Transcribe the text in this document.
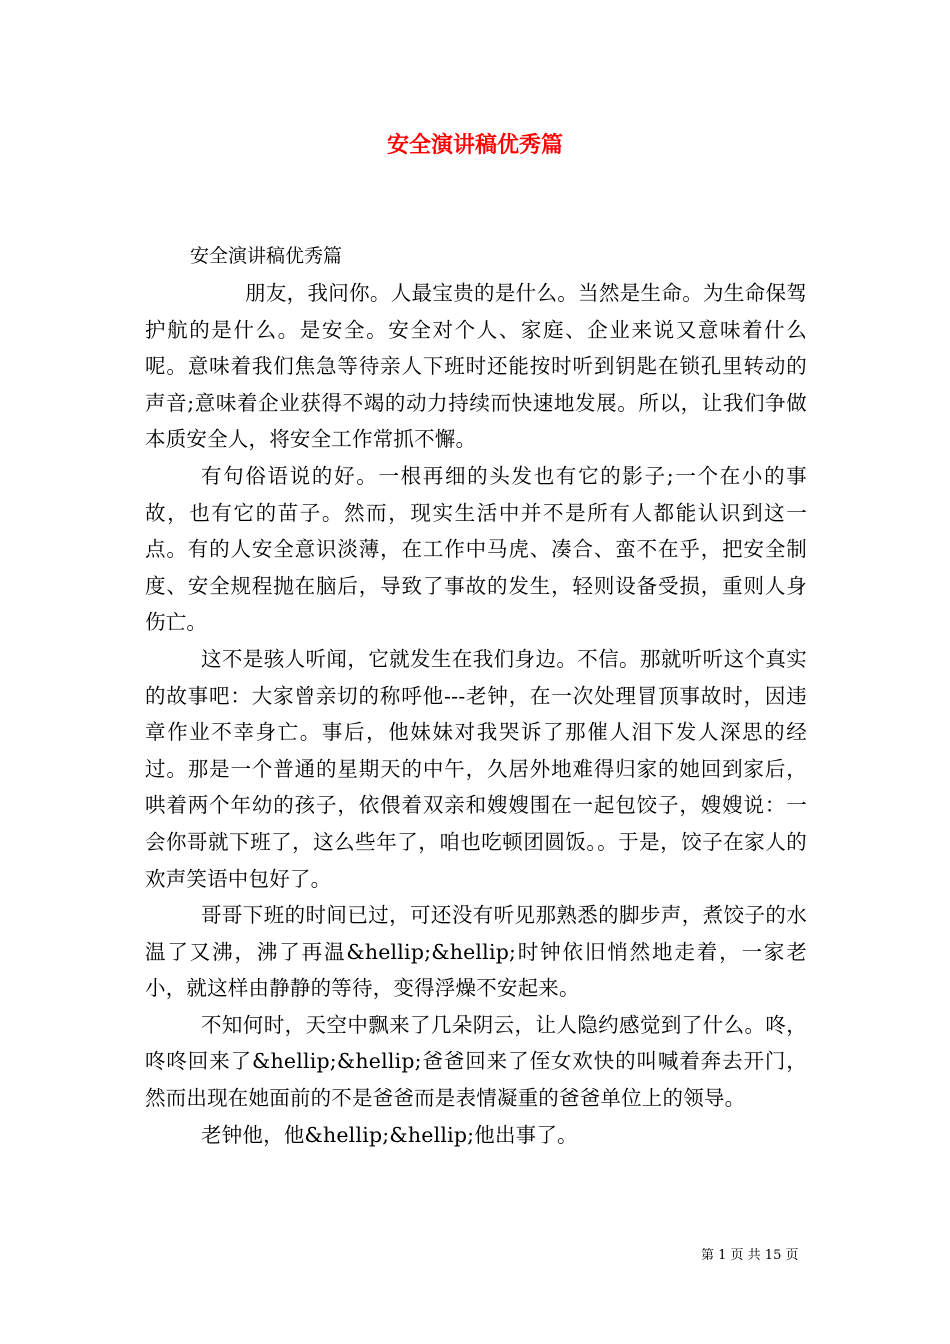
安全演讲稿优秀篇

安全演讲稿优秀篇

朋友，我问你。人最宝贵的是什么。当然是生命。为生命保驾护航的是什么。是安全。安全对个人、家庭、企业来说又意味着什么呢。意味着我们焦急等待亲人下班时还能按时听到钥匙在锁孔里转动的声音;意味着企业获得不竭的动力持续而快速地发展。所以，让我们争做本质安全人，将安全工作常抓不懈。

有句俗语说的好。一根再细的头发也有它的影子;一个在小的事故，也有它的苗子。然而，现实生活中并不是所有人都能认识到这一点。有的人安全意识淡薄，在工作中马虎、凑合、蛮不在乎，把安全制度、安全规程抛在脑后，导致了事故的发生，轻则设备受损，重则人身伤亡。

这不是骇人听闻，它就发生在我们身边。不信。那就听听这个真实的故事吧：大家曾亲切的称呼他---老钟，在一次处理冒顶事故时，因违章作业不幸身亡。事后，他妹妹对我哭诉了那催人泪下发人深思的经过。那是一个普通的星期天的中午，久居外地难得归家的她回到家后，哄着两个年幼的孩子，依偎着双亲和嫂嫂围在一起包饺子，嫂嫂说：一会你哥就下班了，这么些年了，咱也吃顿团圆饭。。于是，饺子在家人的欢声笑语中包好了。

哥哥下班的时间已过，可还没有听见那熟悉的脚步声，煮饺子的水温了又沸，沸了再温&hellip;&hellip;时钟依旧悄然地走着，一家老小，就这样由静静的等待，变得浮燥不安起来。

不知何时，天空中飘来了几朵阴云，让人隐约感觉到了什么。咚，咚咚回来了&hellip;&hellip;爸爸回来了侄女欢快的叫喊着奔去开门，然而出现在她面前的不是爸爸而是表情凝重的爸爸单位上的领导。

老钟他，他&hellip;&hellip;他出事了。

第 1 页 共 15 页
